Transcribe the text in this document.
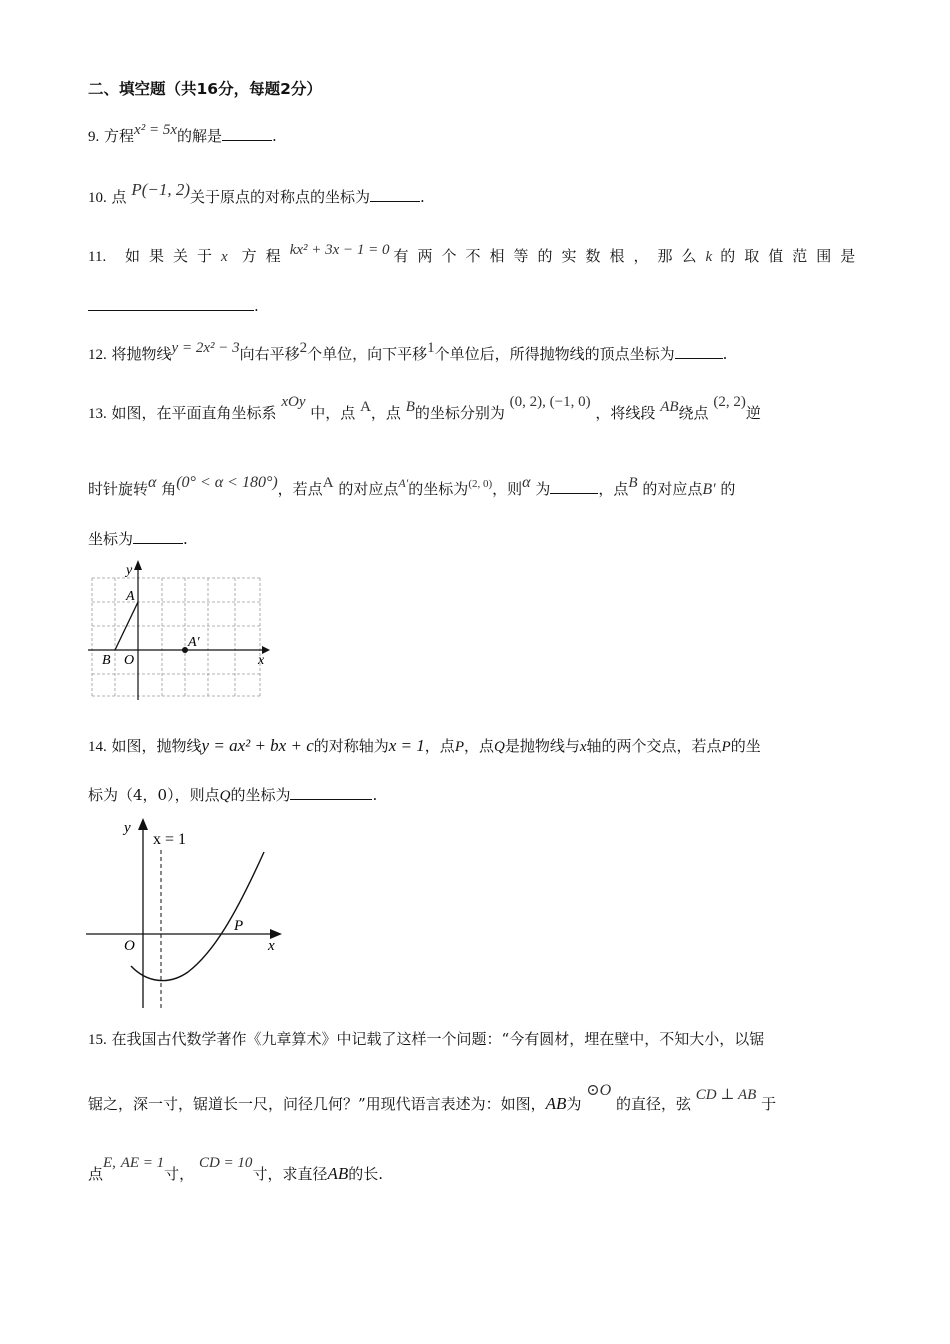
二、填空题（共16分，每题2分）
9. 方程x² = 5x的解是	.
10. 点 P(−1, 2)关于原点的对称点的坐标为	.
11. 如果关于x 方程kx² + 3x − 1 = 0 有两个不相等的实数根，那么k 的取值范围是
.
12. 将抛物线y = 2x² − 3向右平移2个单位，向下平移1个单位后，所得抛物线的顶点坐标为	.
13. 如图，在平面直角坐标系 xOy 中，点 A，点 B的坐标分别为 (0, 2), (−1, 0) ，将线段 AB绕点 (2, 2)逆
时针旋转α 角(0° < α < 180°)，若点A 的对应点$^{A'}$的坐标为$^{(2, 0)}$，则α 为	，点B 的对应点B′ 的
坐标为	.
y
A
B O
A′
x
14. 如图，抛物线y = ax² + bx + c的对称轴为x = 1，点P，点Q是抛物线与x轴的两个交点，若点P的坐
标为（4，0），则点Q的坐标为	.
y
x = 1
O
P
x
15. 在我国古代数学著作《九章算术》中记载了这样一个问题：“今有圆材，埋在壁中，不知大小，以锯
锯之，深一寸，锯道长一尺，问径几何？”用现代语言表述为：如图，AB为 ⊙O 的直径，弦 CD ⊥ AB 于
点E, AE = 1寸， CD = 10寸，求直径AB的长.
